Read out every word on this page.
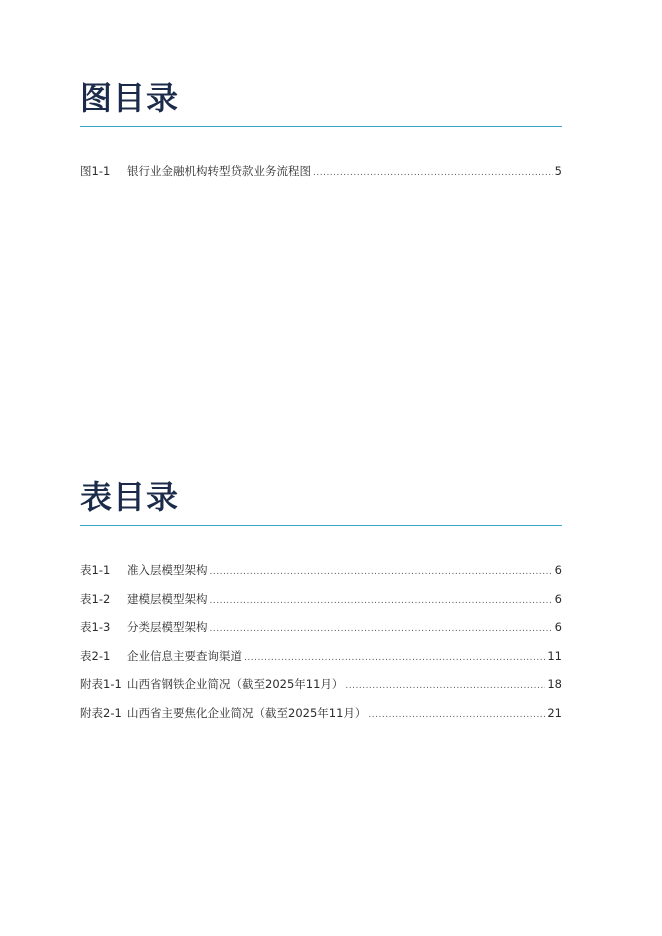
图目录
图1-1	银行业金融机构转型贷款业务流程图 .....	5
表目录
表1-1	准入层模型架构 .....	6
表1-2	建模层模型架构 .....	6
表1-3	分类层模型架构 .....	6
表2-1	企业信息主要查询渠道 .....	11
附表1-1 山西省钢铁企业简况（截至2025年11月） .....	18
附表2-1 山西省主要焦化企业简况（截至2025年11月） .....	21
